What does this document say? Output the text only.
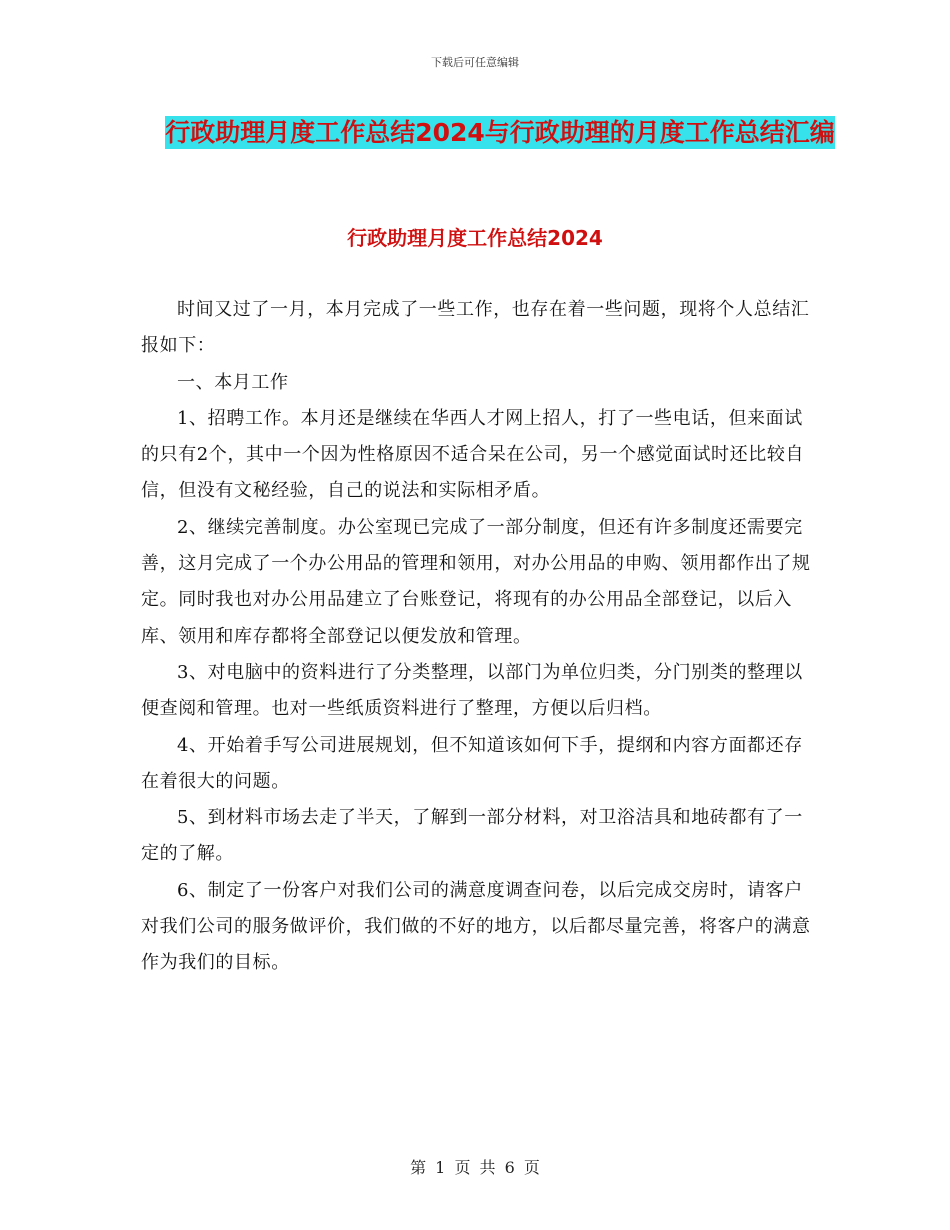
下载后可任意编辑
行政助理月度工作总结2024与行政助理的月度工作总结汇编
行政助理月度工作总结2024

时间又过了一月，本月完成了一些工作，也存在着一些问题，现将个人总结汇报如下：

一、本月工作

1、招聘工作。本月还是继续在华西人才网上招人，打了一些电话，但来面试的只有2个，其中一个因为性格原因不适合呆在公司，另一个感觉面试时还比较自信，但没有文秘经验，自己的说法和实际相矛盾。

2、继续完善制度。办公室现已完成了一部分制度，但还有许多制度还需要完善，这月完成了一个办公用品的管理和领用，对办公用品的申购、领用都作出了规定。同时我也对办公用品建立了台账登记，将现有的办公用品全部登记，以后入库、领用和库存都将全部登记以便发放和管理。

3、对电脑中的资料进行了分类整理，以部门为单位归类，分门别类的整理以便查阅和管理。也对一些纸质资料进行了整理，方便以后归档。

4、开始着手写公司进展规划，但不知道该如何下手，提纲和内容方面都还存在着很大的问题。

5、到材料市场去走了半天，了解到一部分材料，对卫浴洁具和地砖都有了一定的了解。

6、制定了一份客户对我们公司的满意度调查问卷，以后完成交房时，请客户对我们公司的服务做评价，我们做的不好的地方，以后都尽量完善，将客户的满意作为我们的目标。

第 1 页 共 6 页
